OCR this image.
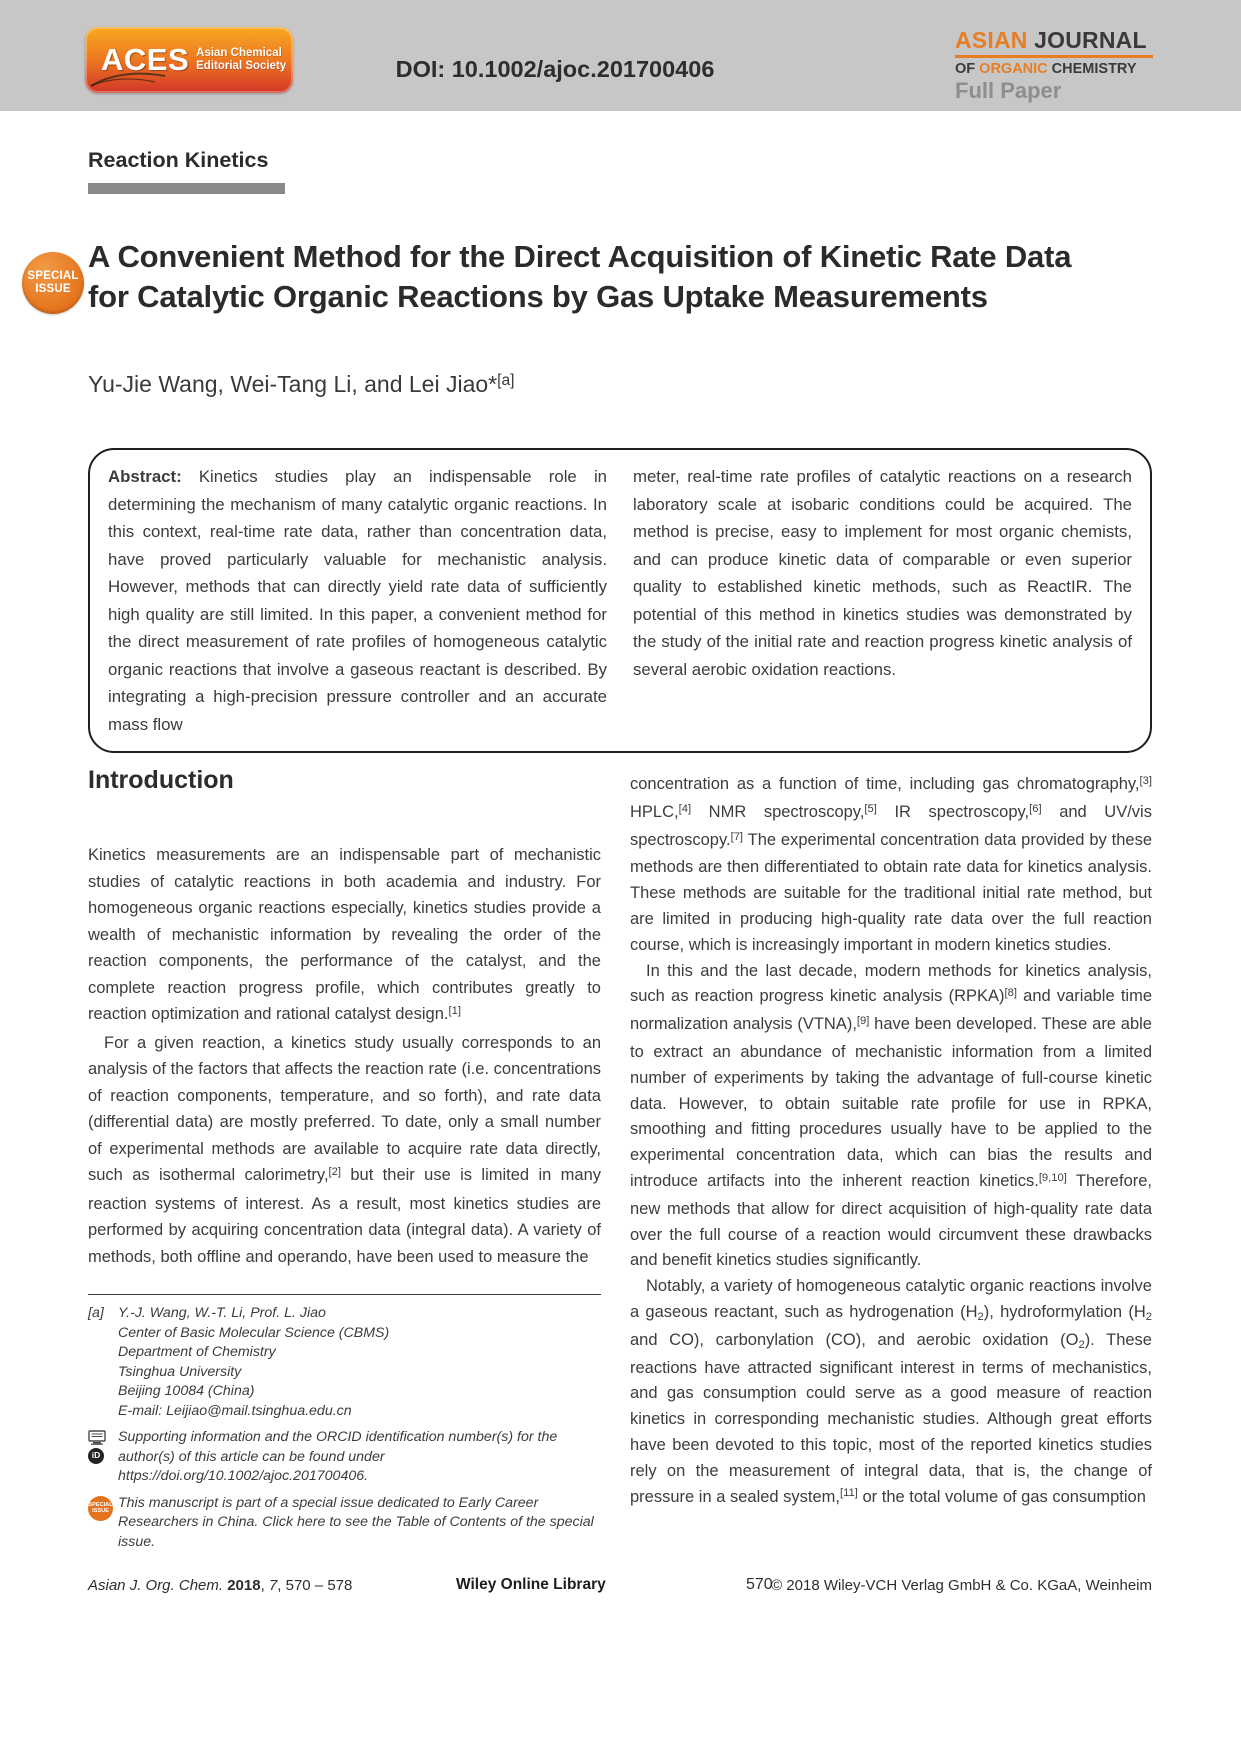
ACES Asian Chemical
Editorial Society	DOI: 10.1002/ajoc.201700406
ASIAN JOURNAL
OF ORGANIC CHEMISTRY
Full Paper
Reaction Kinetics
SPECIAL
ISSUE
A Convenient Method for the Direct Acquisition of Kinetic Rate Data for Catalytic Organic Reactions by Gas Uptake Measurements
Yu-Jie Wang, Wei-Tang Li, and Lei Jiao*[a]
Abstract: Kinetics studies play an indispensable role in determining the mechanism of many catalytic organic reactions. In this context, real-time rate data, rather than concentration data, have proved particularly valuable for mechanistic analysis. However, methods that can directly yield rate data of sufficiently high quality are still limited. In this paper, a convenient method for the direct measurement of rate profiles of homogeneous catalytic organic reactions that involve a gaseous reactant is described. By integrating a high-precision pressure controller and an accurate mass flow
meter, real-time rate profiles of catalytic reactions on a research laboratory scale at isobaric conditions could be acquired. The method is precise, easy to implement for most organic chemists, and can produce kinetic data of comparable or even superior quality to established kinetic methods, such as ReactIR. The potential of this method in kinetics studies was demonstrated by the study of the initial rate and reaction progress kinetic analysis of several aerobic oxidation reactions.
Introduction

Kinetics measurements are an indispensable part of mechanistic studies of catalytic reactions in both academia and industry. For homogeneous organic reactions especially, kinetics studies provide a wealth of mechanistic information by revealing the order of the reaction components, the performance of the catalyst, and the complete reaction progress profile, which contributes greatly to reaction optimization and rational catalyst design.[1]

For a given reaction, a kinetics study usually corresponds to an analysis of the factors that affects the reaction rate (i.e. concentrations of reaction components, temperature, and so forth), and rate data (differential data) are mostly preferred. To date, only a small number of experimental methods are available to acquire rate data directly, such as isothermal calorimetry,[2] but their use is limited in many reaction systems of interest. As a result, most kinetics studies are performed by acquiring concentration data (integral data). A variety of methods, both offline and operando, have been used to measure the

[a]	Y.-J. Wang, W.-T. Li, Prof. L. Jiao
Center of Basic Molecular Science (CBMS)
Department of Chemistry
Tsinghua University
Beijing 10084 (China)
E-mail: Leijiao@mail.tsinghua.edu.cn
iD
Supporting information and the ORCID identification number(s) for the author(s) of this article can be found under https://doi.org/10.1002/ajoc.201700406.
SPECIAL
ISSUE
This manuscript is part of a special issue dedicated to Early Career Researchers in China. Click here to see the Table of Contents of the special issue.

concentration as a function of time, including gas chromatography,[3] HPLC,[4] NMR spectroscopy,[5] IR spectroscopy,[6] and UV/vis spectroscopy.[7] The experimental concentration data provided by these methods are then differentiated to obtain rate data for kinetics analysis. These methods are suitable for the traditional initial rate method, but are limited in producing high-quality rate data over the full reaction course, which is increasingly important in modern kinetics studies.

In this and the last decade, modern methods for kinetics analysis, such as reaction progress kinetic analysis (RPKA)[8] and variable time normalization analysis (VTNA),[9] have been developed. These are able to extract an abundance of mechanistic information from a limited number of experiments by taking the advantage of full-course kinetic data. However, to obtain suitable rate profile for use in RPKA, smoothing and fitting procedures usually have to be applied to the experimental concentration data, which can bias the results and introduce artifacts into the inherent reaction kinetics.[9,10] Therefore, new methods that allow for direct acquisition of high-quality rate data over the full course of a reaction would circumvent these drawbacks and benefit kinetics studies significantly.

Notably, a variety of homogeneous catalytic organic reactions involve a gaseous reactant, such as hydrogenation (H2), hydroformylation (H2 and CO), carbonylation (CO), and aerobic oxidation (O2). These reactions have attracted significant interest in terms of mechanistics, and gas consumption could serve as a good measure of reaction kinetics in corresponding mechanistic studies. Although great efforts have been devoted to this topic, most of the reported kinetics studies rely on the measurement of integral data, that is, the change of pressure in a sealed system,[11] or the total volume of gas consumption

Asian J. Org. Chem. 2018, 7, 570 – 578	Wiley Online Library	570
© 2018 Wiley-VCH Verlag GmbH & Co. KGaA, Weinheim
